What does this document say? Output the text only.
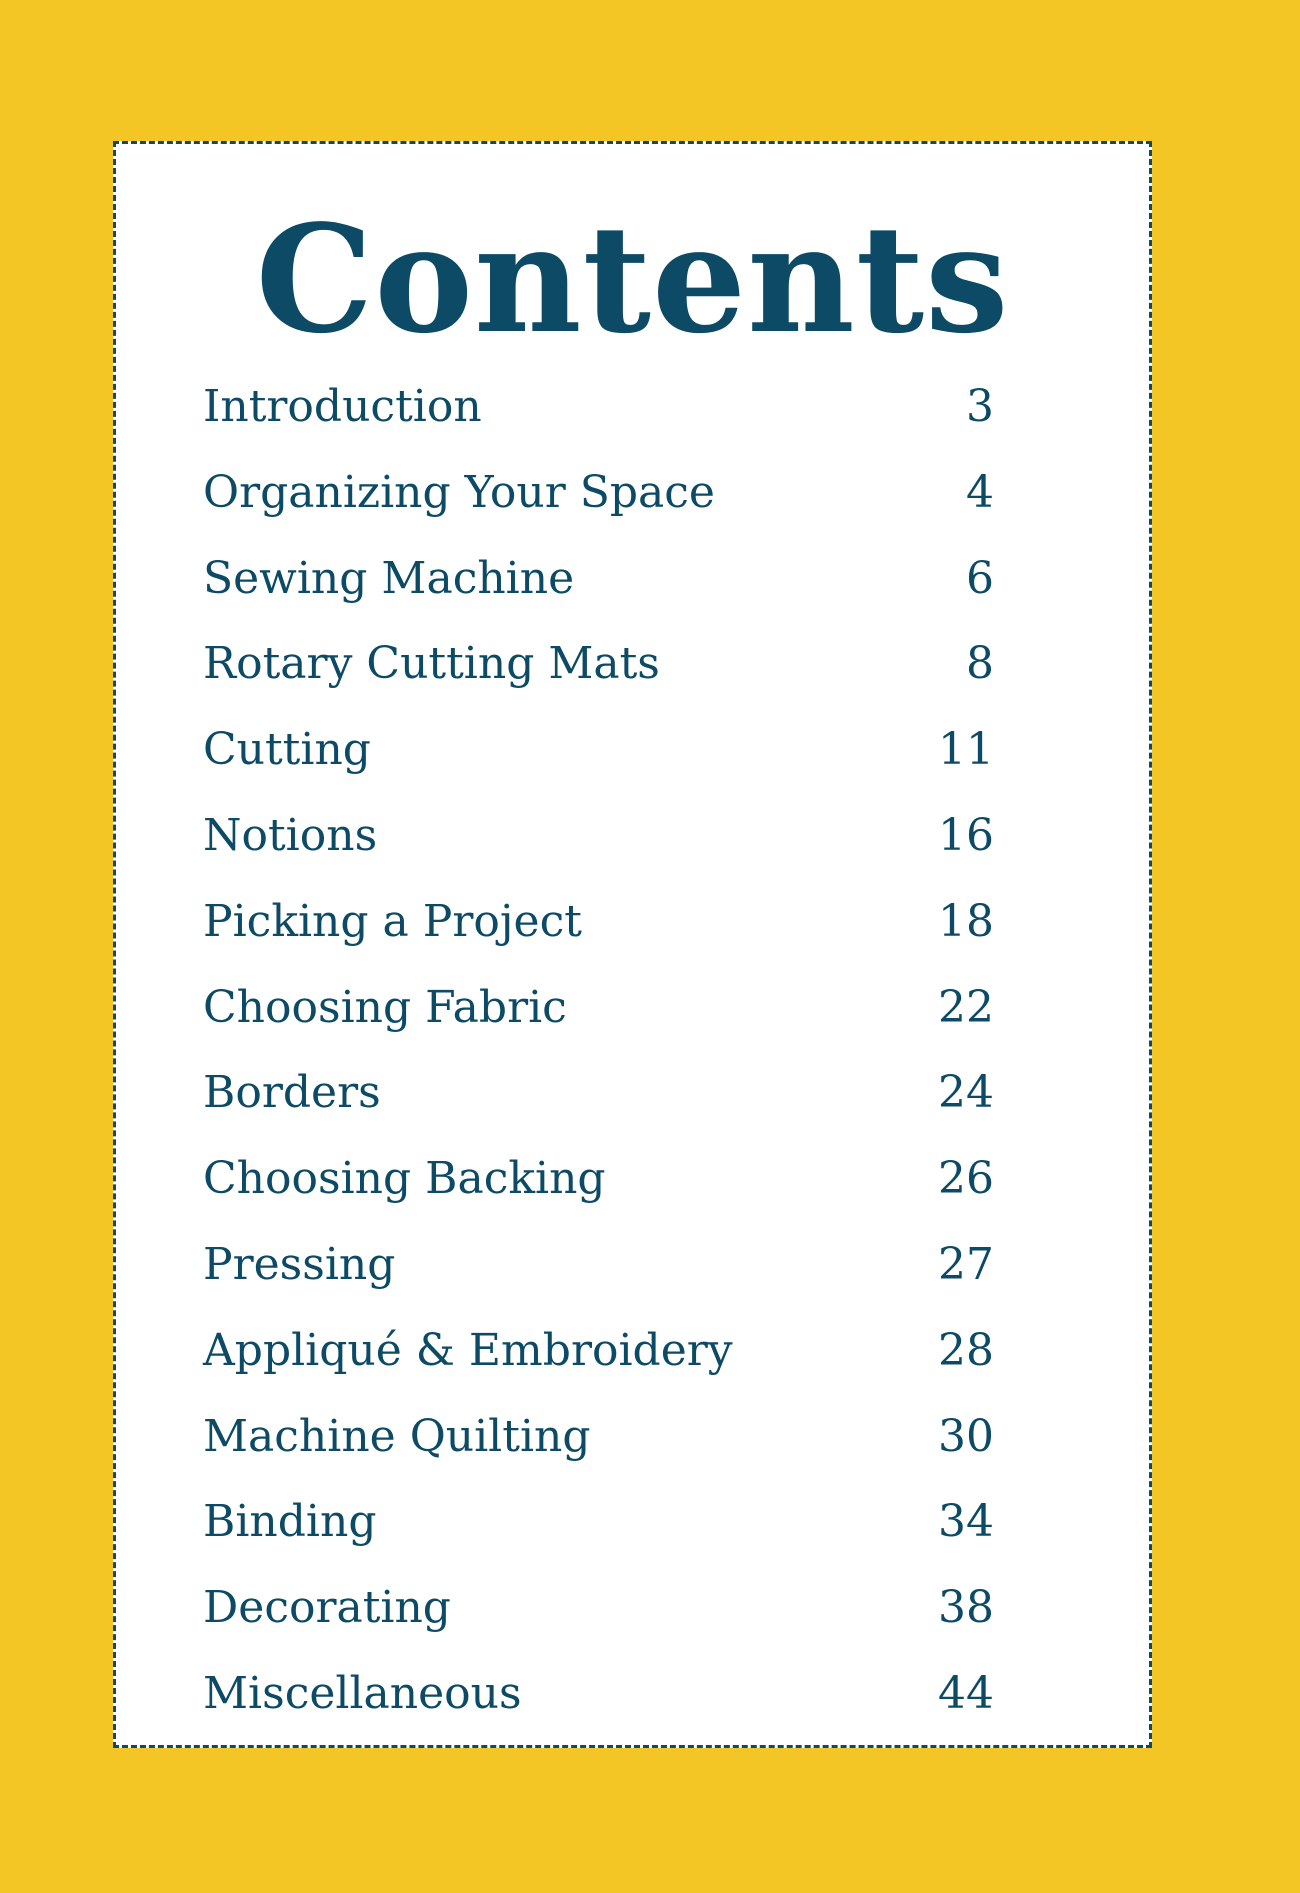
Contents
Introduction	3
Organizing Your Space	4
Sewing Machine	6
Rotary Cutting Mats	8
Cutting	11
Notions	16
Picking a Project	18
Choosing Fabric	22
Borders	24
Choosing Backing	26
Pressing	27
Appliqué & Embroidery	28
Machine Quilting	30
Binding	34
Decorating	38
Miscellaneous	44
